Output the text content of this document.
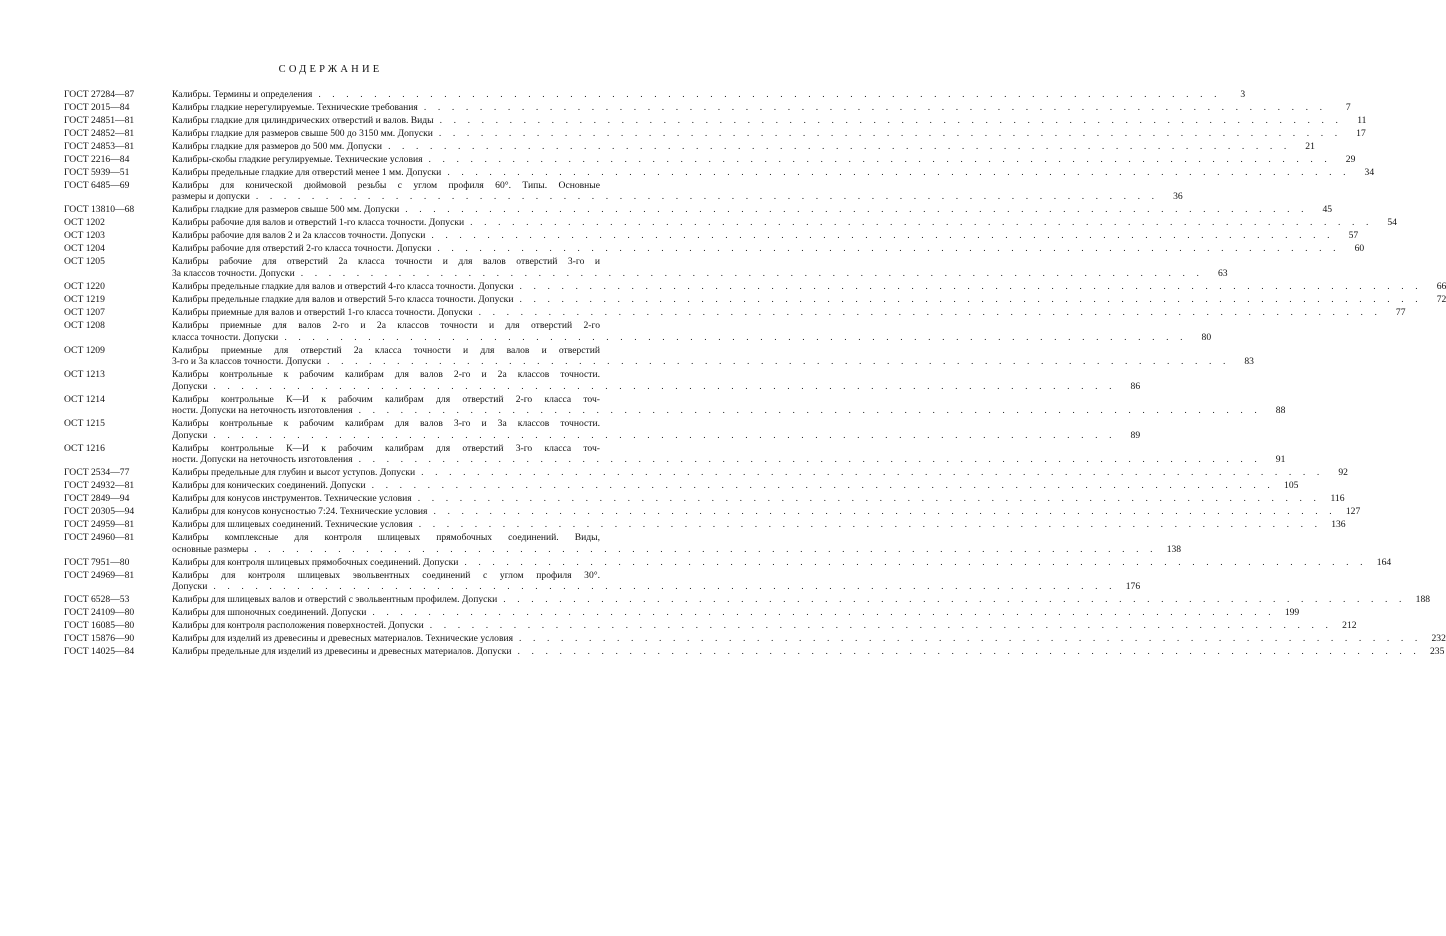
СОДЕРЖАНИЕ
ГОСТ 27284—87	Калибры. Термины и определения . . .	3
ГОСТ 2015—84	Калибры гладкие нерегулируемые. Технические требования . . .	7
ГОСТ 24851—81	Калибры гладкие для цилиндрических отверстий и валов. Виды . . .	11
ГОСТ 24852—81	Калибры гладкие для размеров свыше 500 до 3150 мм. Допуски . . .	17
ГОСТ 24853—81	Калибры гладкие для размеров до 500 мм. Допуски . . .	21
ГОСТ 2216—84	Калибры-скобы гладкие регулируемые. Технические условия . . .	29
ГОСТ 5939—51	Калибры предельные гладкие для отверстий менее 1 мм. Допуски . . .	34
ГОСТ 6485—69	Калибры для конической дюймовой резьбы с углом профиля 60°. Типы. Основные
размеры и допуски . . .	36
ГОСТ 13810—68	Калибры гладкие для размеров свыше 500 мм. Допуски . . .	45
ОСТ 1202	Калибры рабочие для валов и отверстий 1-го класса точности. Допуски . . .	54
ОСТ 1203	Калибры рабочие для валов 2 и 2а классов точности. Допуски . . .	57
ОСТ 1204	Калибры рабочие для отверстий 2-го класса точности. Допуски . . .	60
ОСТ 1205	Калибры рабочие для отверстий 2а класса точности и для валов отверстий 3-го и
3а классов точности. Допуски . . .	63
ОСТ 1220	Калибры предельные гладкие для валов и отверстий 4-го класса точности. Допуски . . .	66
ОСТ 1219	Калибры предельные гладкие для валов и отверстий 5-го класса точности. Допуски . . .	72
ОСТ 1207	Калибры приемные для валов и отверстий 1-го класса точности. Допуски . . .	77
ОСТ 1208	Калибры приемные для валов 2-го и 2а классов точности и для отверстий 2-го
класса точности. Допуски . . .	80
ОСТ 1209	Калибры приемные для отверстий 2а класса точности и для валов и отверстий
3-го и 3а классов точности. Допуски . . .	83
ОСТ 1213	Калибры контрольные к рабочим калибрам для валов 2-го и 2а классов точности.
Допуски . . .	86
ОСТ 1214	Калибры контрольные К—И к рабочим калибрам для отверстий 2-го класса точ-
ности. Допуски на неточность изготовления . . .	88
ОСТ 1215	Калибры контрольные к рабочим калибрам для валов 3-го и 3а классов точности.
Допуски . . .	89
ОСТ 1216	Калибры контрольные К—И к рабочим калибрам для отверстий 3-го класса точ-
ности. Допуски на неточность изготовления . . .	91
ГОСТ 2534—77	Калибры предельные для глубин и высот уступов. Допуски . . .	92
ГОСТ 24932—81	Калибры для конических соединений. Допуски . . .	105
ГОСТ 2849—94	Калибры для конусов инструментов. Технические условия . . .	116
ГОСТ 20305—94	Калибры для конусов конусностью 7:24. Технические условия . . .	127
ГОСТ 24959—81	Калибры для шлицевых соединений. Технические условия . . .	136
ГОСТ 24960—81	Калибры комплексные для контроля шлицевых прямобочных соединений. Виды,
основные размеры . . .	138
ГОСТ 7951—80	Калибры для контроля шлицевых прямобочных соединений. Допуски . . .	164
ГОСТ 24969—81	Калибры для контроля шлицевых эвольвентных соединений с углом профиля 30°.
Допуски . . .	176
ГОСТ 6528—53	Калибры для шлицевых валов и отверстий с эвольвентным профилем. Допуски . . .	188
ГОСТ 24109—80	Калибры для шпоночных соединений. Допуски . . .	199
ГОСТ 16085—80	Калибры для контроля расположения поверхностей. Допуски . . .	212
ГОСТ 15876—90	Калибры для изделий из древесины и древесных материалов. Технические условия . . .	232
ГОСТ 14025—84	Калибры предельные для изделий из древесины и древесных материалов. Допуски . . .	235
